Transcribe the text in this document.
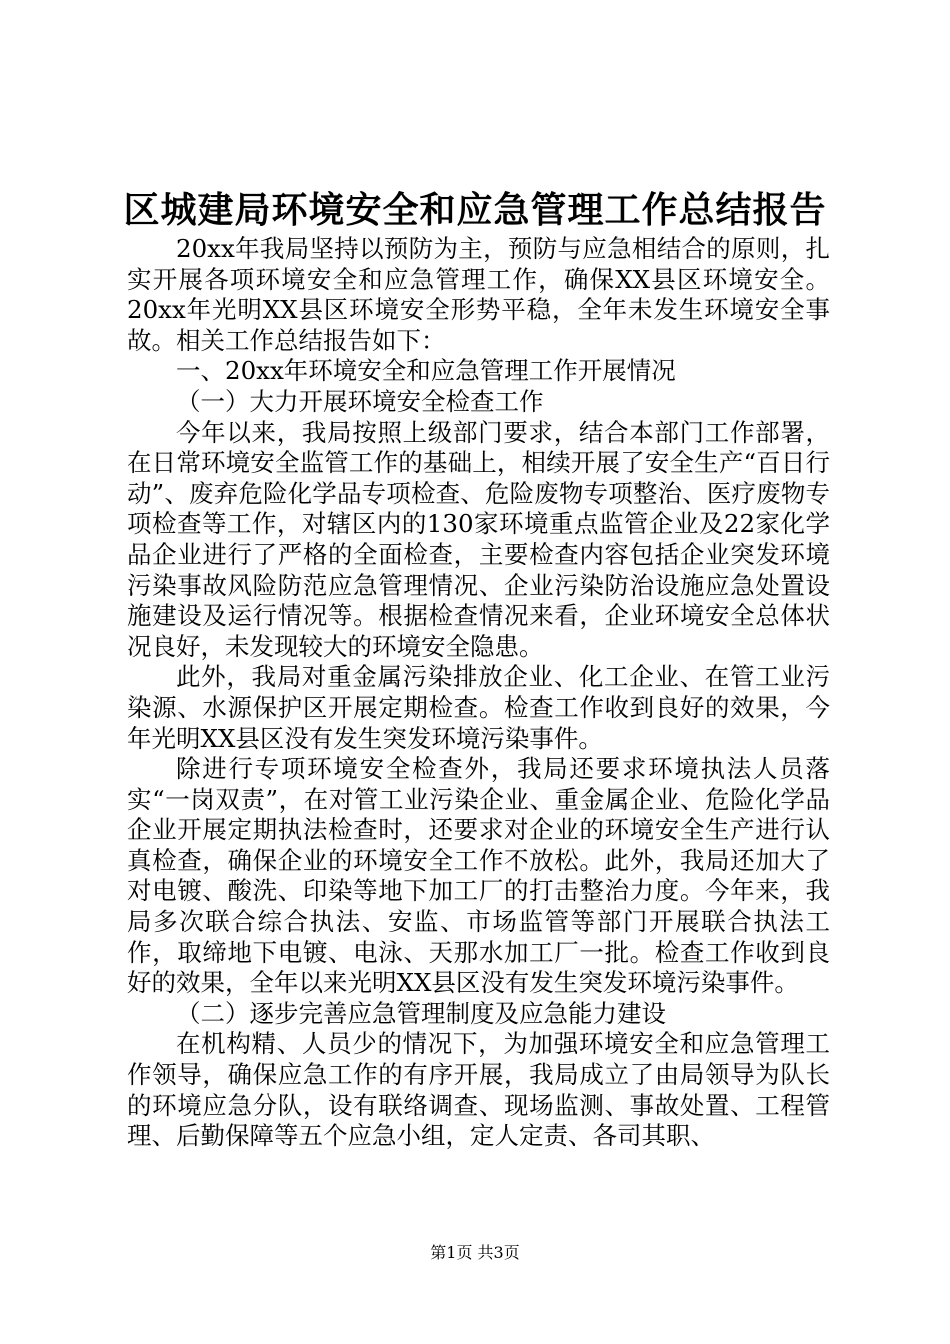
区城建局环境安全和应急管理工作总结报告

20xx年我局坚持以预防为主，预防与应急相结合的原则，扎实开展各项环境安全和应急管理工作，确保XX县区环境安全。20xx年光明XX县区环境安全形势平稳，全年未发生环境安全事故。相关工作总结报告如下：

一、20xx年环境安全和应急管理工作开展情况

（一）大力开展环境安全检查工作

今年以来，我局按照上级部门要求，结合本部门工作部署，在日常环境安全监管工作的基础上，相续开展了安全生产“百日行动”、废弃危险化学品专项检查、危险废物专项整治、医疗废物专项检查等工作，对辖区内的130家环境重点监管企业及22家化学品企业进行了严格的全面检查，主要检查内容包括企业突发环境污染事故风险防范应急管理情况、企业污染防治设施应急处置设施建设及运行情况等。根据检查情况来看，企业环境安全总体状况良好，未发现较大的环境安全隐患。

此外，我局对重金属污染排放企业、化工企业、在管工业污染源、水源保护区开展定期检查。检查工作收到良好的效果，今年光明XX县区没有发生突发环境污染事件。

除进行专项环境安全检查外，我局还要求环境执法人员落实“一岗双责”，在对管工业污染企业、重金属企业、危险化学品企业开展定期执法检查时，还要求对企业的环境安全生产进行认真检查，确保企业的环境安全工作不放松。此外，我局还加大了对电镀、酸洗、印染等地下加工厂的打击整治力度。今年来，我局多次联合综合执法、安监、市场监管等部门开展联合执法工作，取缔地下电镀、电泳、天那水加工厂一批。检查工作收到良好的效果，全年以来光明XX县区没有发生突发环境污染事件。

（二）逐步完善应急管理制度及应急能力建设

在机构精、人员少的情况下，为加强环境安全和应急管理工作领导，确保应急工作的有序开展，我局成立了由局领导为队长的环境应急分队，设有联络调查、现场监测、事故处置、工程管理、后勤保障等五个应急小组，定人定责、各司其职、

第1页 共3页
